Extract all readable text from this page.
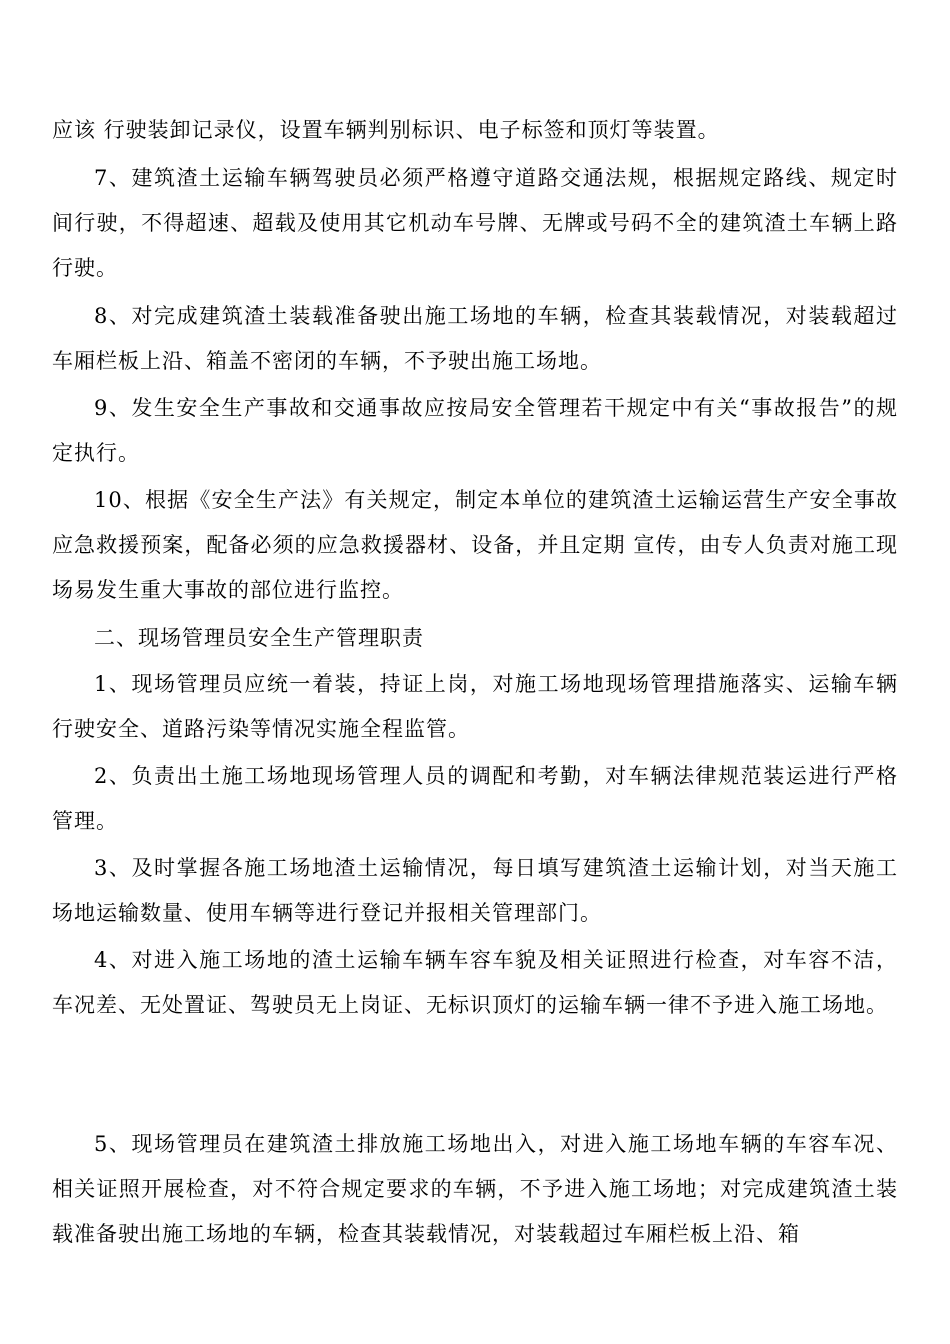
应该 行驶装卸记录仪，设置车辆判别标识、电子标签和顶灯等装置。

7、建筑渣土运输车辆驾驶员必须严格遵守道路交通法规，根据规定路线、规定时间行驶，不得超速、超载及使用其它机动车号牌、无牌或号码不全的建筑渣土车辆上路行驶。

8、对完成建筑渣土装载准备驶出施工场地的车辆，检查其装载情况，对装载超过车厢栏板上沿、箱盖不密闭的车辆，不予驶出施工场地。

9、发生安全生产事故和交通事故应按局安全管理若干规定中有关“事故报告”的规定执行。

10、根据《安全生产法》有关规定，制定本单位的建筑渣土运输运营生产安全事故应急救援预案，配备必须的应急救援器材、设备，并且定期 宣传，由专人负责对施工现场易发生重大事故的部位进行监控。

二、现场管理员安全生产管理职责

1、现场管理员应统一着装，持证上岗，对施工场地现场管理措施落实、运输车辆行驶安全、道路污染等情况实施全程监管。

2、负责出土施工场地现场管理人员的调配和考勤，对车辆法律规范装运进行严格管理。

3、及时掌握各施工场地渣土运输情况，每日填写建筑渣土运输计划，对当天施工场地运输数量、使用车辆等进行登记并报相关管理部门。

4、对进入施工场地的渣土运输车辆车容车貌及相关证照进行检查，对车容不洁，车况差、无处置证、驾驶员无上岗证、无标识顶灯的运输车辆一律不予进入施工场地。

5、现场管理员在建筑渣土排放施工场地出入，对进入施工场地车辆的车容车况、相关证照开展检查，对不符合规定要求的车辆，不予进入施工场地；对完成建筑渣土装载准备驶出施工场地的车辆，检查其装载情况，对装载超过车厢栏板上沿、箱
